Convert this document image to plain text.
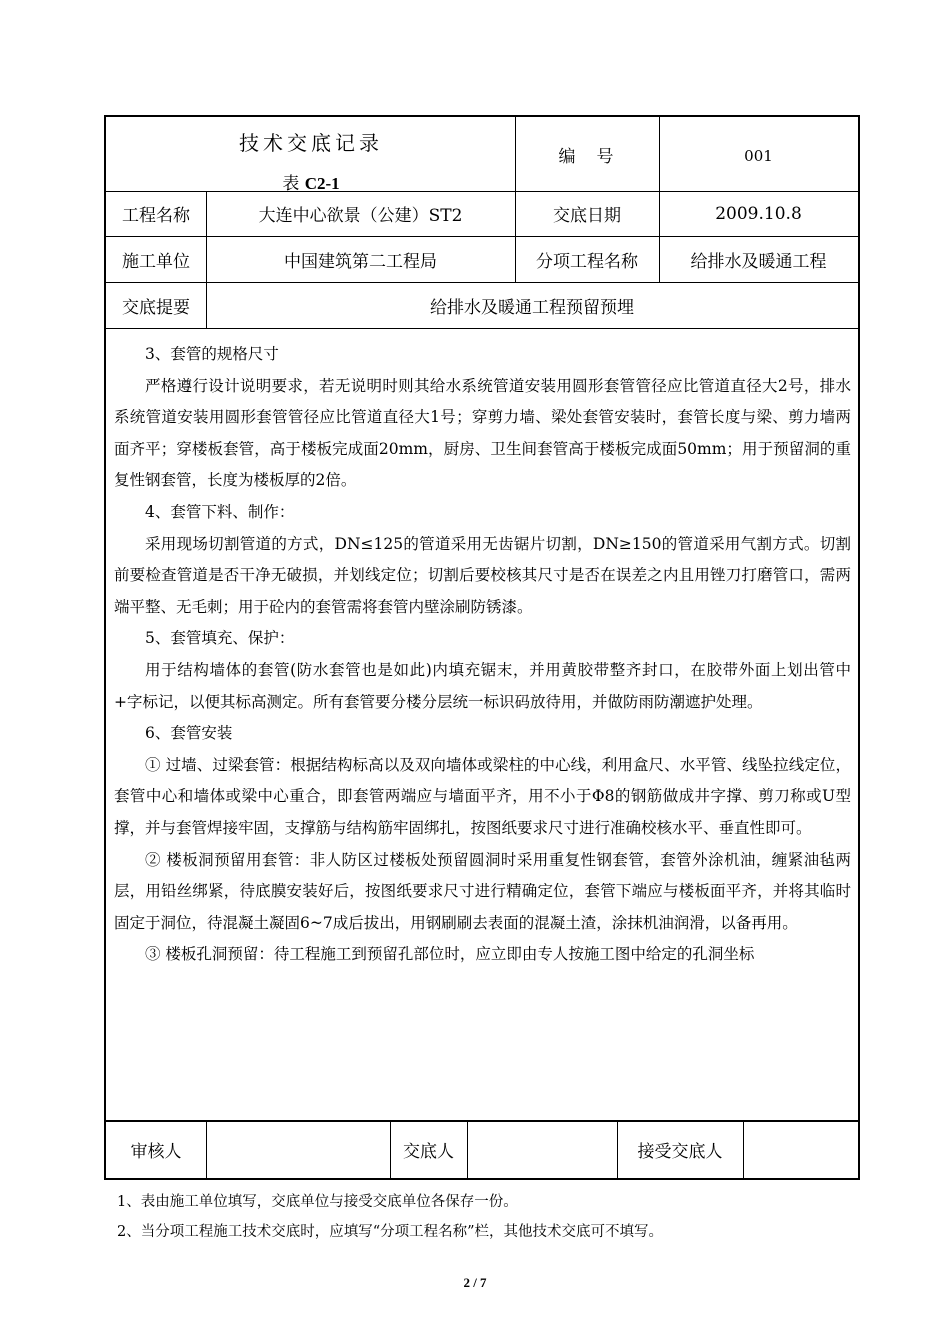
技术交底记录
表 C2-1
编　号	001
工程名称	大连中心欲景（公建）ST2	交底日期	2009.10.8
施工单位	中国建筑第二工程局	分项工程名称	给排水及暖通工程
交底提要	给排水及暖通工程预留预埋

3、套管的规格尺寸

严格遵行设计说明要求，若无说明时则其给水系统管道安装用圆形套管管径应比管道直径大2号，排水系统管道安装用圆形套管管径应比管道直径大1号；穿剪力墙、梁处套管安装时，套管长度与梁、剪力墙两面齐平；穿楼板套管，高于楼板完成面20mm，厨房、卫生间套管高于楼板完成面50mm；用于预留洞的重复性钢套管，长度为楼板厚的2倍。

4、套管下料、制作：

采用现场切割管道的方式，DN≤125的管道采用无齿锯片切割，DN≥150的管道采用气割方式。切割前要检查管道是否干净无破损，并划线定位；切割后要校核其尺寸是否在误差之内且用锉刀打磨管口，需两端平整、无毛刺；用于砼内的套管需将套管内壁涂刷防锈漆。

5、套管填充、保护：

用于结构墙体的套管(防水套管也是如此)内填充锯末，并用黄胶带整齐封口，在胶带外面上划出管中+字标记，以便其标高测定。所有套管要分楼分层统一标识码放待用，并做防雨防潮遮护处理。

6、套管安装

① 过墙、过梁套管：根据结构标高以及双向墙体或梁柱的中心线，利用盒尺、水平管、线坠拉线定位，套管中心和墙体或梁中心重合，即套管两端应与墙面平齐，用不小于Φ8的钢筋做成井字撑、剪刀称或U型撑，并与套管焊接牢固，支撑筋与结构筋牢固绑扎，按图纸要求尺寸进行准确校核水平、垂直性即可。

② 楼板洞预留用套管：非人防区过楼板处预留圆洞时采用重复性钢套管，套管外涂机油，缠紧油毡两层，用铅丝绑紧，待底膜安装好后，按图纸要求尺寸进行精确定位，套管下端应与楼板面平齐，并将其临时固定于洞位，待混凝土凝固6~7成后拔出，用钢刷刷去表面的混凝土渣，涂抹机油润滑，以备再用。

③ 楼板孔洞预留：待工程施工到预留孔部位时，应立即由专人按施工图中给定的孔洞坐标

审核人	交底人	接受交底人

1、表由施工单位填写，交底单位与接受交底单位各保存一份。

2、当分项工程施工技术交底时，应填写“分项工程名称”栏，其他技术交底可不填写。

2 / 7
